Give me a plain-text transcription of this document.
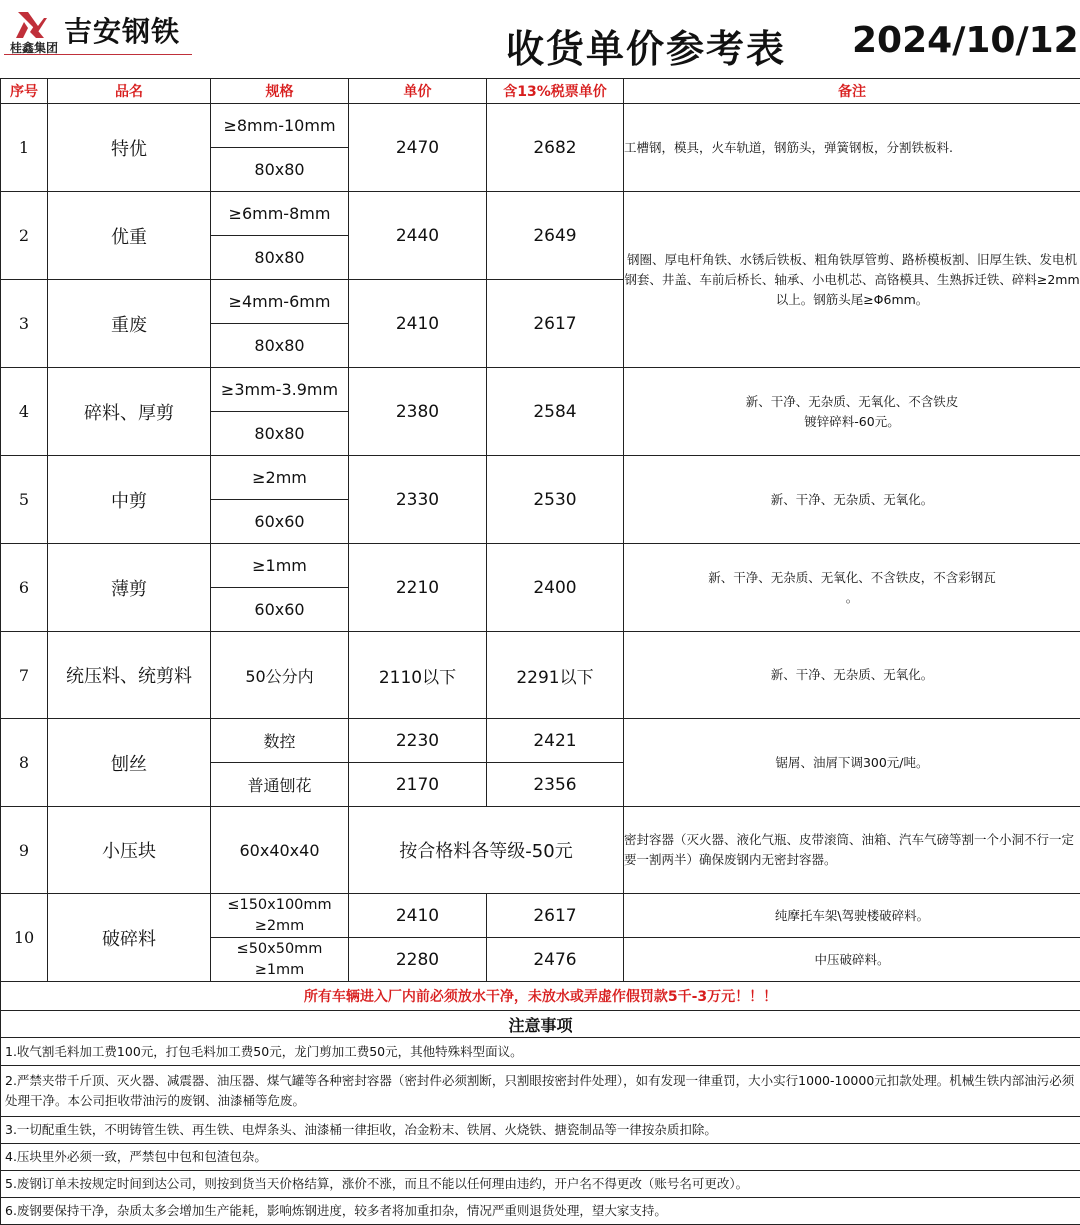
桂鑫集团 吉安钢铁	收货单价参考表 2024/10/12
序号	品名	规格	单价	含13%税票单价	备注
1	特优	≥8mm-10mm	2470	2682	工槽钢，模具，火车轨道，钢筋头，弹簧钢板，分割铁板料.
		80x80			
2	优重	≥6mm-8mm	2440	2649	钢圈、厚电杆角铁、水锈后铁板、粗角铁厚管剪、路桥模板割、旧厚生铁、发电机钢套、井盖、车前后桥长、轴承、小电机芯、高铬模具、生熟拆迁铁、碎料≥2mm以上。钢筋头尾≥Φ6mm。
		80x80			
3	重废	≥4mm-6mm	2410	2617	
		80x80			
4	碎料、厚剪	≥3mm-3.9mm	2380	2584	新、干净、无杂质、无氧化、不含铁皮
镀锌碎料-60元。

		80x80			
5	中剪	≥2mm	2330	2530	新、干净、无杂质、无氧化。
		60x60			
6	薄剪	≥1mm	2210	2400	新、干净、无杂质、无氧化、不含铁皮，不含彩钢瓦
。

		60x60			
7	统压料、统剪料	50公分内	2110以下	2291以下	新、干净、无杂质、无氧化。
8	刨丝	数控	2230	2421	锯屑、油屑下调300元/吨。
		普通刨花	2170	2356	
9	小压块	60x40x40	按合格料各等级-50元		密封容器（灭火器、液化气瓶、皮带滚筒、油箱、汽车气磅等割一个小洞不行一定要一割两半）确保废钢内无密封容器。
10	破碎料	≤150x100mm
≥2mm	2410	2617	纯摩托车架\驾驶楼破碎料。

		≤50x50mm
≥1mm	2280	2476	中压破碎料。
所有车辆进入厂内前必须放水干净，未放水或弄虚作假罚款5千-3万元！！！					
注意事项					
1.收气割毛料加工费100元，打包毛料加工费50元，龙门剪加工费50元，其他特殊料型面议。					
2.严禁夹带千斤顶、灭火器、减震器、油压器、煤气罐等各种密封容器（密封件必须割断，只割眼按密封件处理），如有发现一律重罚，大小实行1000-10000元扣款处理。机械生铁内部油污必须处理干净。本公司拒收带油污的废钢、油漆桶等危废。					
3.一切配重生铁，不明铸管生铁、再生铁、电焊条头、油漆桶一律拒收，冶金粉末、铁屑、火烧铁、搪瓷制品等一律按杂质扣除。					
4.压块里外必须一致，严禁包中包和包渣包杂。					
5.废钢订单未按规定时间到达公司，则按到货当天价格结算，涨价不涨，而且不能以任何理由违约，开户名不得更改（账号名可更改）。					
6.废钢要保持干净，杂质太多会增加生产能耗，影响炼钢进度，较多者将加重扣杂，情况严重则退货处理，望大家支持。					
